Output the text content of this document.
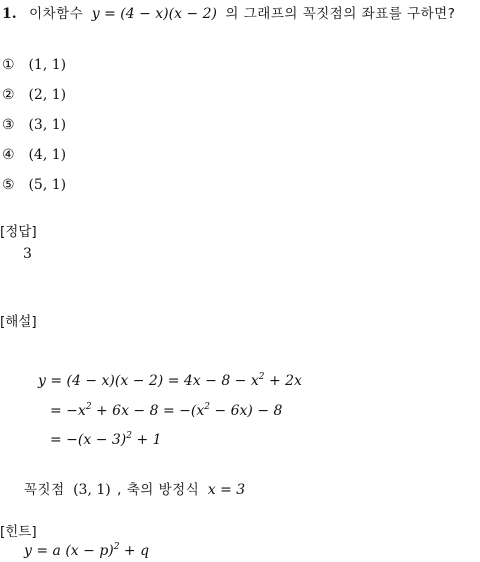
1. 이차함수 y = (4 − x)(x − 2) 의 그래프의 꼭짓점의 좌표를 구하면?
① (1, 1)
② (2, 1)
③ (3, 1)
④ (4, 1)
⑤ (5, 1)
[정답]
3
[해설]
$y = (4 - x)(x - 2) = 4x - 8 - x^2 + 2x$
= $-x^2 + 6x - 8 = -(x^2 - 6x) - 8$
= $-(x - 3)^2 + 1$
꼭짓점 (3, 1) , 축의 방정식 x = 3
[힌트]
y = a $(x - p)^2 + q$
